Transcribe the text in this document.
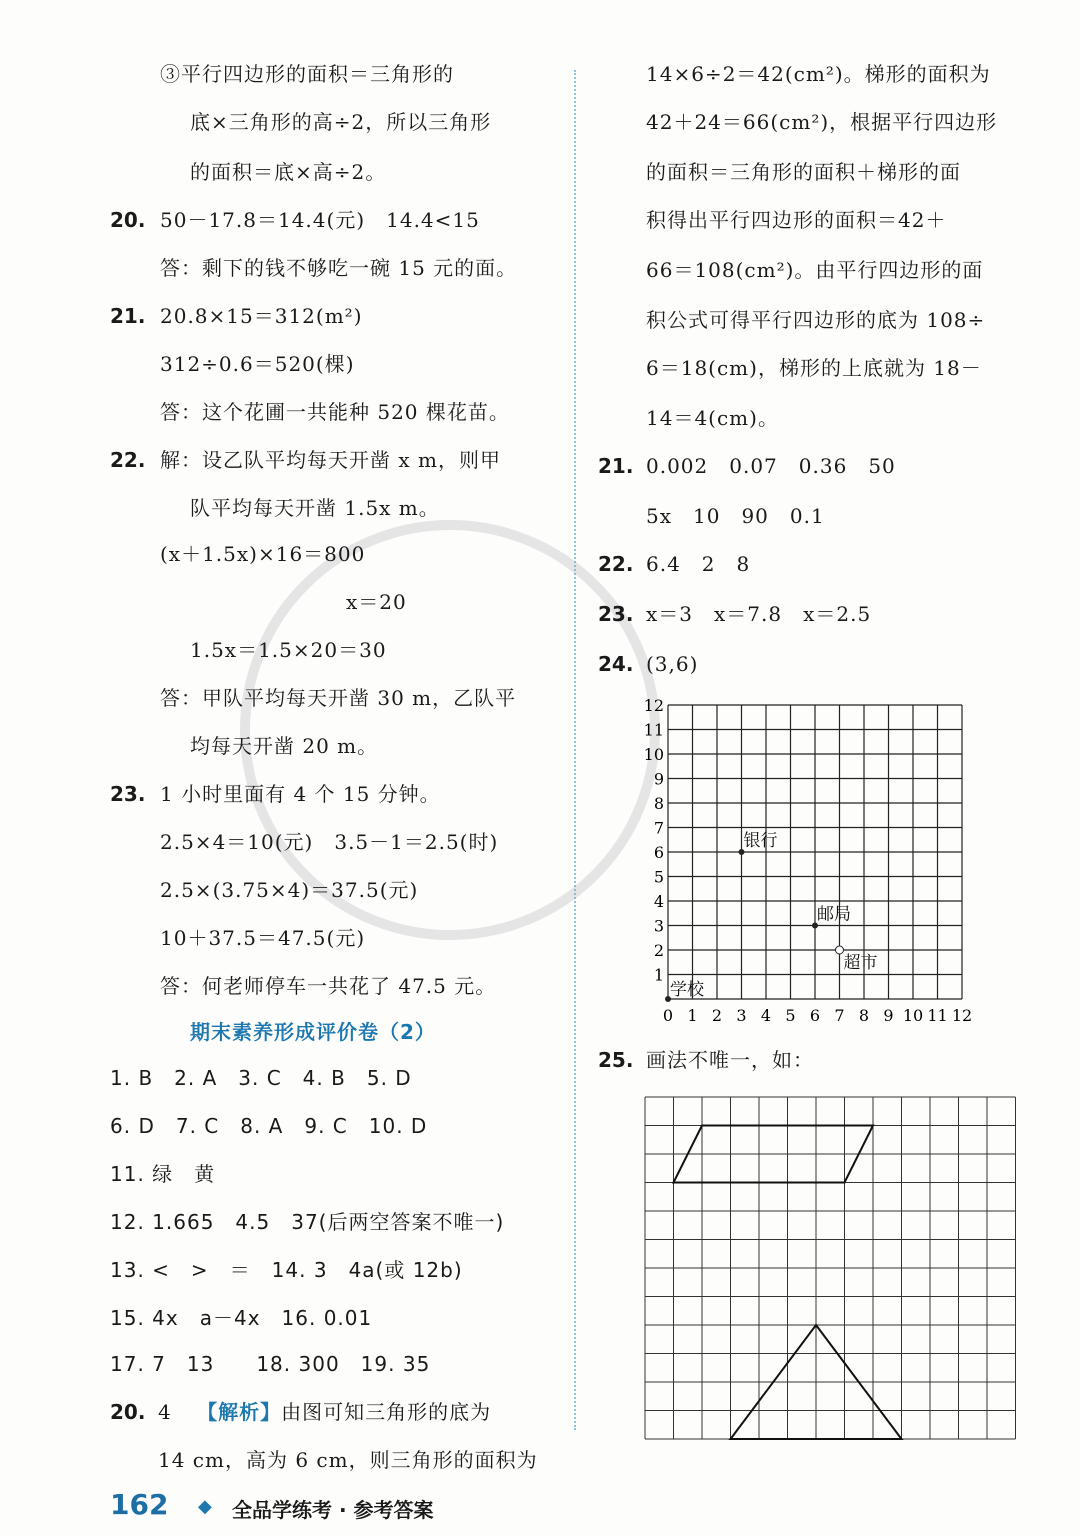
③平行四边形的面积＝三角形的
底×三角形的高÷2，所以三角形
的面积＝底×高÷2。
20. 50－17.8＝14.4(元)　14.4<15
答：剩下的钱不够吃一碗 15 元的面。
21. 20.8×15＝312(m²)
312÷0.6＝520(棵)
答：这个花圃一共能种 520 棵花苗。
22. 解：设乙队平均每天开凿 x m，则甲
队平均每天开凿 1.5x m。
(x＋1.5x)×16＝800
x＝20
1.5x＝1.5×20＝30
答：甲队平均每天开凿 30 m，乙队平
均每天开凿 20 m。
23. 1 小时里面有 4 个 15 分钟。
2.5×4＝10(元)　3.5－1＝2.5(时)
2.5×(3.75×4)＝37.5(元)
10＋37.5＝47.5(元)
答：何老师停车一共花了 47.5 元。
期末素养形成评价卷（2）
1. B　2. A　3. C　4. B　5. D
6. D　7. C　8. A　9. C　10. D
11. 绿　黄
12. 1.665　4.5　37(后两空答案不唯一)
13. <　>　＝　14. 3　4a(或 12b)
15. 4x　a－4x　16. 0.01
17. 7　13　　18. 300　19. 35
20. 4 【解析】由图可知三角形的底为
14 cm，高为 6 cm，则三角形的面积为
14×6÷2＝42(cm²)。梯形的面积为
42＋24＝66(cm²)，根据平行四边形
的面积＝三角形的面积＋梯形的面
积得出平行四边形的面积＝42＋
66＝108(cm²)。由平行四边形的面
积公式可得平行四边形的底为 108÷
6＝18(cm)，梯形的上底就为 18－
14＝4(cm)。
21. 0.002　0.07　0.36　50
5x　10　90　0.1
22. 6.4　2　8
23. x＝3　x＝7.8　x＝2.5
24. (3,6)
0 1 2 3 4 5 6 7 8 9 10 11 12
1
2
3
4
5
6
7
8
9
10
11
12
银行
邮局
超市
学校
25. 画法不唯一，如：
162 ◆ 全品学练考 · 参考答案
